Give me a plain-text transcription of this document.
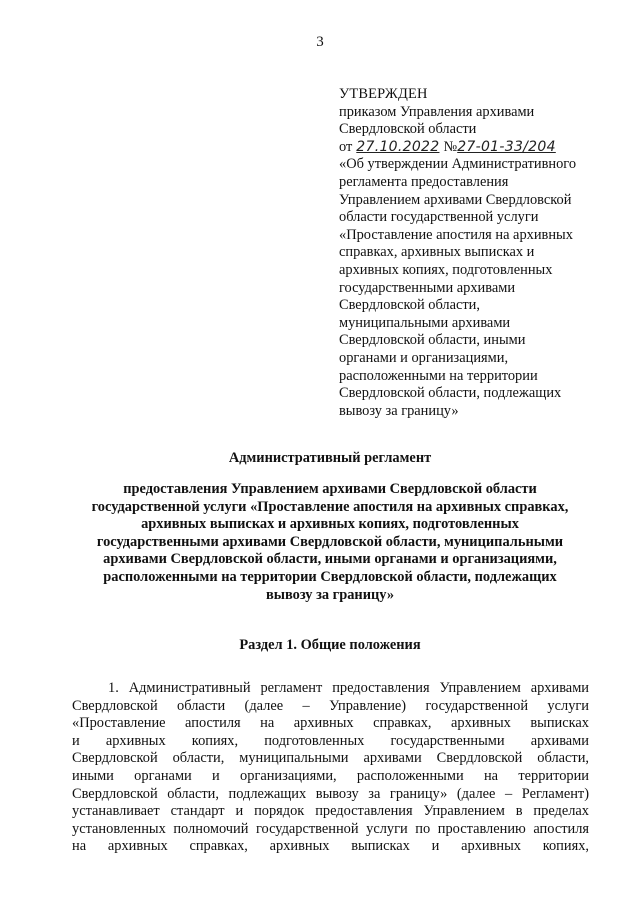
3
УТВЕРЖДЕН
приказом Управления архивами
Свердловской области
от 27.10.2022 №27-01-33/204
«Об утверждении Административного
регламента предоставления
Управлением архивами Свердловской
области государственной услуги
«Проставление апостиля на архивных
справках, архивных выписках и
архивных копиях, подготовленных
государственными архивами
Свердловской области,
муниципальными архивами
Свердловской области, иными
органами и организациями,
расположенными на территории
Свердловской области, подлежащих
вывозу за границу»
Административный регламент
предоставления Управлением архивами Свердловской области
государственной услуги «Проставление апостиля на архивных справках,
архивных выписках и архивных копиях, подготовленных
государственными архивами Свердловской области, муниципальными
архивами Свердловской области, иными органами и организациями,
расположенными на территории Свердловской области, подлежащих
вывозу за границу»
Раздел 1. Общие положения
1. Административный регламент предоставления Управлением архивами
Свердловской области (далее – Управление) государственной услуги
«Проставление апостиля на архивных справках, архивных выписках
и архивных копиях, подготовленных государственными архивами
Свердловской области, муниципальными архивами Свердловской области,
иными органами и организациями, расположенными на территории
Свердловской области, подлежащих вывозу за границу» (далее – Регламент)
устанавливает стандарт и порядок предоставления Управлением в пределах
установленных полномочий государственной услуги по проставлению апостиля
на архивных справках, архивных выписках и архивных копиях,
